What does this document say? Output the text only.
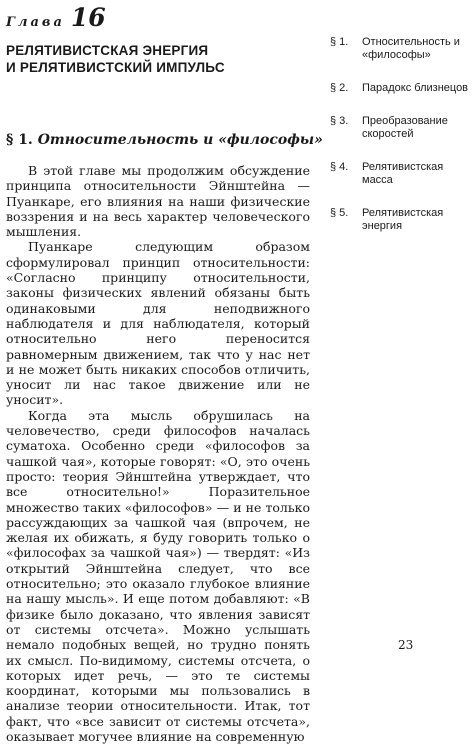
Глава 16
РЕЛЯТИВИСТСКАЯ ЭНЕРГИЯ
И РЕЛЯТИВИСТСКИЙ ИМПУЛЬС
§ 1. Относительность и «философы»

В этой главе мы продолжим обсуждение принципа относительности Эйнштейна — Пуанкаре, его влияния на наши физические воззрения и на весь характер человеческого мышления.

Пуанкаре следующим образом сформулировал принцип относительности: «Согласно принципу относительности, законы физических явлений обязаны быть одинаковыми для неподвижного наблюдателя и для наблюдателя, который относительно него переносится равномерным движением, так что у нас нет и не может быть никаких способов отличить, уносит ли нас такое движение или не уносит».

Когда эта мысль обрушилась на человечество, среди философов началась суматоха. Особенно среди «философов за чашкой чая», которые говорят: «О, это очень просто: теория Эйнштейна утверждает, что все относительно!» Поразительное множество таких «философов» — и не только рассуждающих за чашкой чая (впрочем, не желая их обижать, я буду говорить только о «философах за чашкой чая») — твердят: «Из открытий Эйнштейна следует, что все относительно; это оказало глубокое влияние на нашу мысль». И еще потом добавляют: «В физике было доказано, что явления зависят от системы отсчета». Можно услышать немало подобных вещей, но трудно понять их смысл. По-видимому, системы отсчета, о которых идет речь, — это те системы координат, которыми мы пользовались в анализе теории относительности. Итак, тот факт, что «все зависит от системы отсчета», оказывает могучее влияние на современную

§ 1.	Относительность и «философы»
§ 2.	Парадокс близнецов
§ 3.	Преобразование скоростей
§ 4.	Релятивистская масса
§ 5.	Релятивистская энергия
23
